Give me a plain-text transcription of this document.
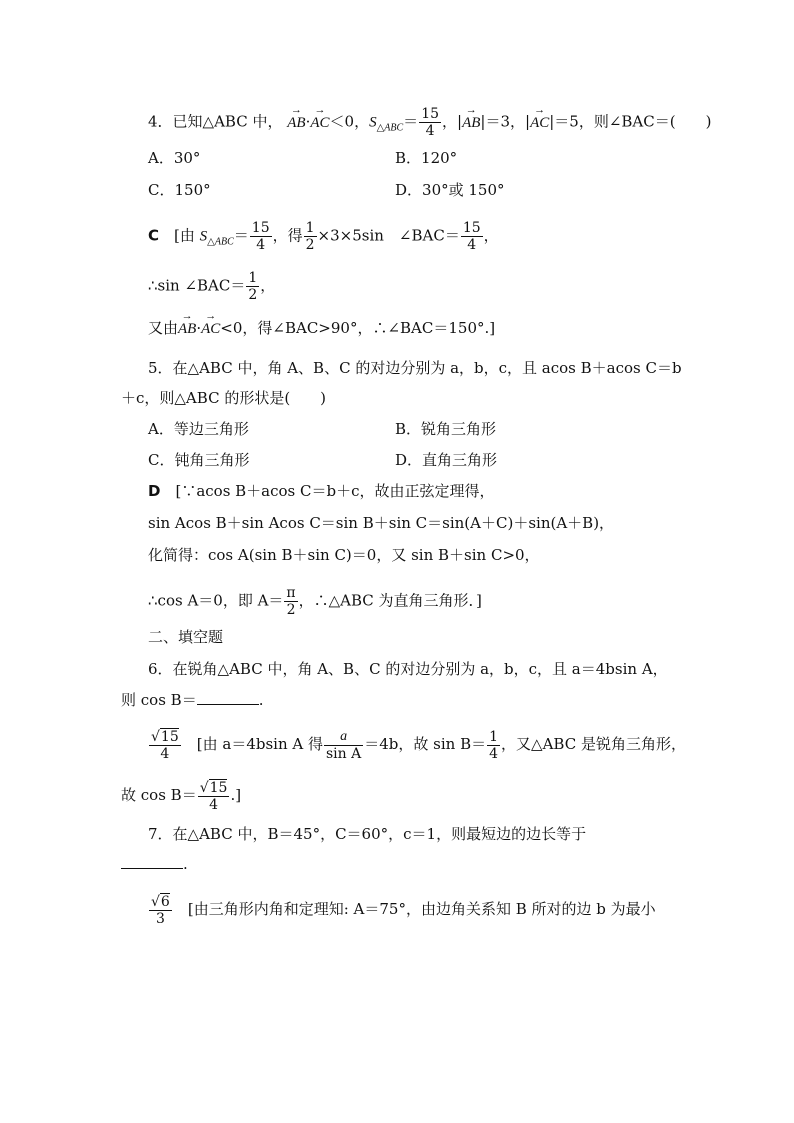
4．已知△ABC 中， → AB·→ AC＜0，$S_{\triangle ABC}= \frac{15}{4}$ ，|→ AB|＝3，|→ AC|＝5，则∠BAC＝(　　)
A．30°	B．120°
C．150°	D．30°或 150°
C　 [由 $S_{\triangle ABC}= \frac{15}{4}$ ，得 $\frac{1}{2} \times 3\times 5\sin$　∠BAC＝ $\frac{15}{4}$ ，
∴sin ∠BAC＝ $\frac{1}{2}$ ，
又由→ AB·→ AC<0，得∠BAC>90°，∴∠BAC＝150°.]
5．在△ABC 中，角 A、B、C 的对边分别为 a，b，c，且 acos B＋acos C＝b
＋c，则△ABC 的形状是(　　)
A．等边三角形	B．锐角三角形
C．钝角三角形	D．直角三角形
D　 [∵acos B＋acos C＝b＋c，故由正弦定理得，
sin Acos B＋sin Acos C＝sin B＋sin C＝sin(A＋C)＋sin(A＋B)，
化简得：cos A(sin B＋sin C)＝0，又 sin B＋sin C>0，
∴cos A＝0，即 $A= \frac{\pi}{2}$ ，∴△ABC 为直角三角形．]
二、填空题
6．在锐角△ABC 中，角 A、B、C 的对边分别为 a，b，c，且 a＝4bsin A，
则 cos B＝	.
$\frac{√15}{4}$
　 [由 a＝4bsin A 得 $\frac{a}{\text{sin A}} =4b$，故 $\sin B= \frac{1}{4}$ ，又△ABC 是锐角三角形，
故 $\cos B= \frac{√15}{4}$ .]
7．在△ABC 中，B＝45°，C＝60°，c＝1，则最短边的边长等于
.
$\frac{√6}{3}$
　 [由三角形内角和定理知: A＝75°，由边角关系知 B 所对的边 b 为最小
